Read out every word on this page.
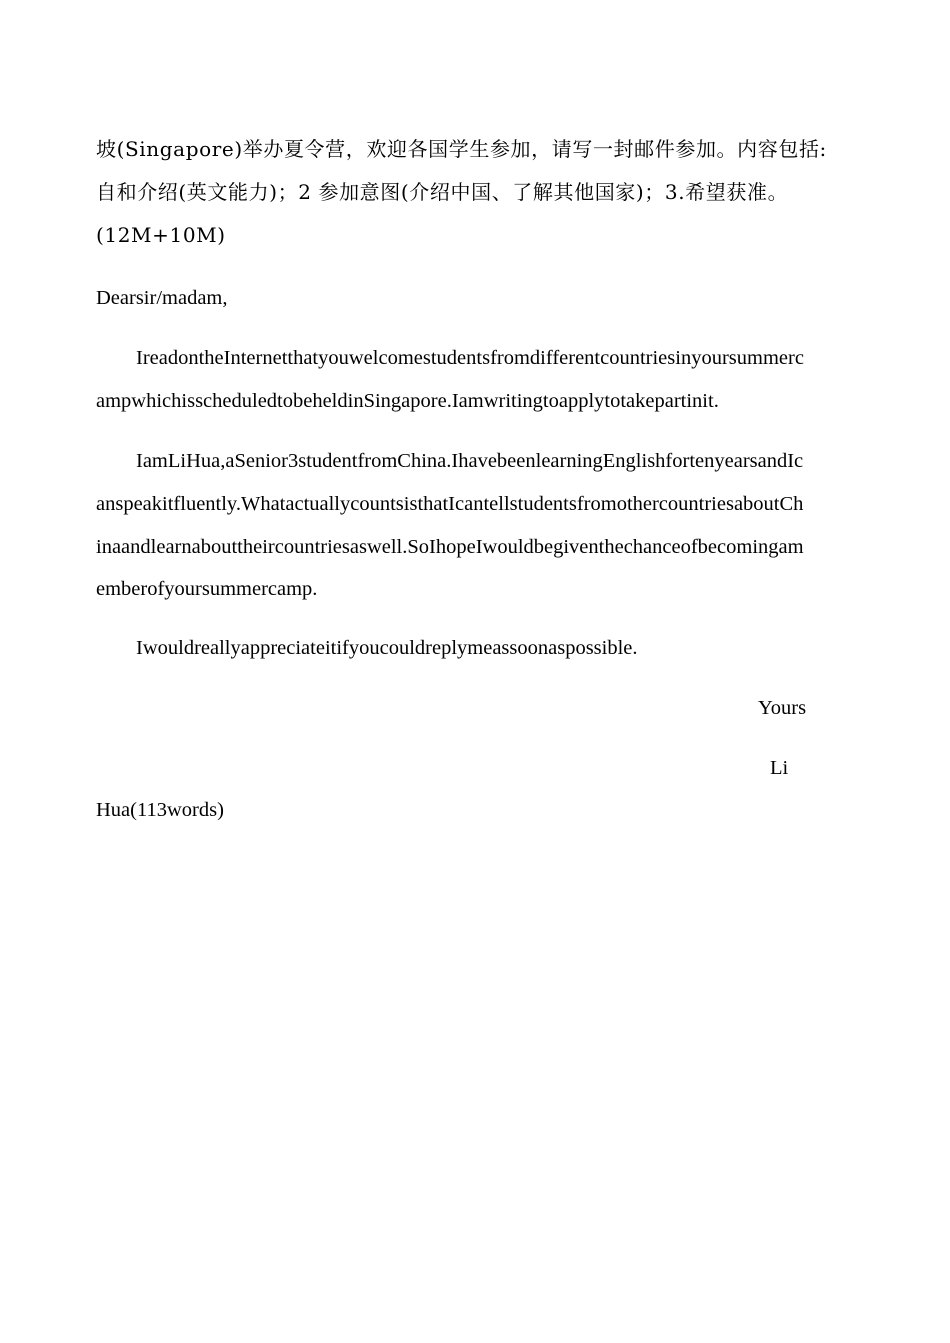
坡(Singapore)举办夏令营，欢迎各国学生参加，请写一封邮件参加。内容包括:
自和介绍(英文能力)；2 参加意图(介绍中国、了解其他国家)；3.希望获准。
(12M+10M)
Dearsir/madam,
IreadontheInternetthatyouwelcomestudentsfromdifferentcountriesinyoursummerc
ampwhichisscheduledtobeheldinSingapore.Iamwritingtoapplytotakepartinit.
IamLiHua,aSenior3studentfromChina.IhavebeenlearningEnglishfortenyearsandIc
anspeakitfluently.WhatactuallycountsisthatIcantellstudentsfromothercountriesaboutCh
inaandlearnabouttheircountriesaswell.SoIhopeIwouldbegiventhechanceofbecomingam
emberofyoursummercamp.
Iwouldreallyappreciateitifyoucouldreplymeassoonaspossible.
Yours
Li
Hua(113words)
